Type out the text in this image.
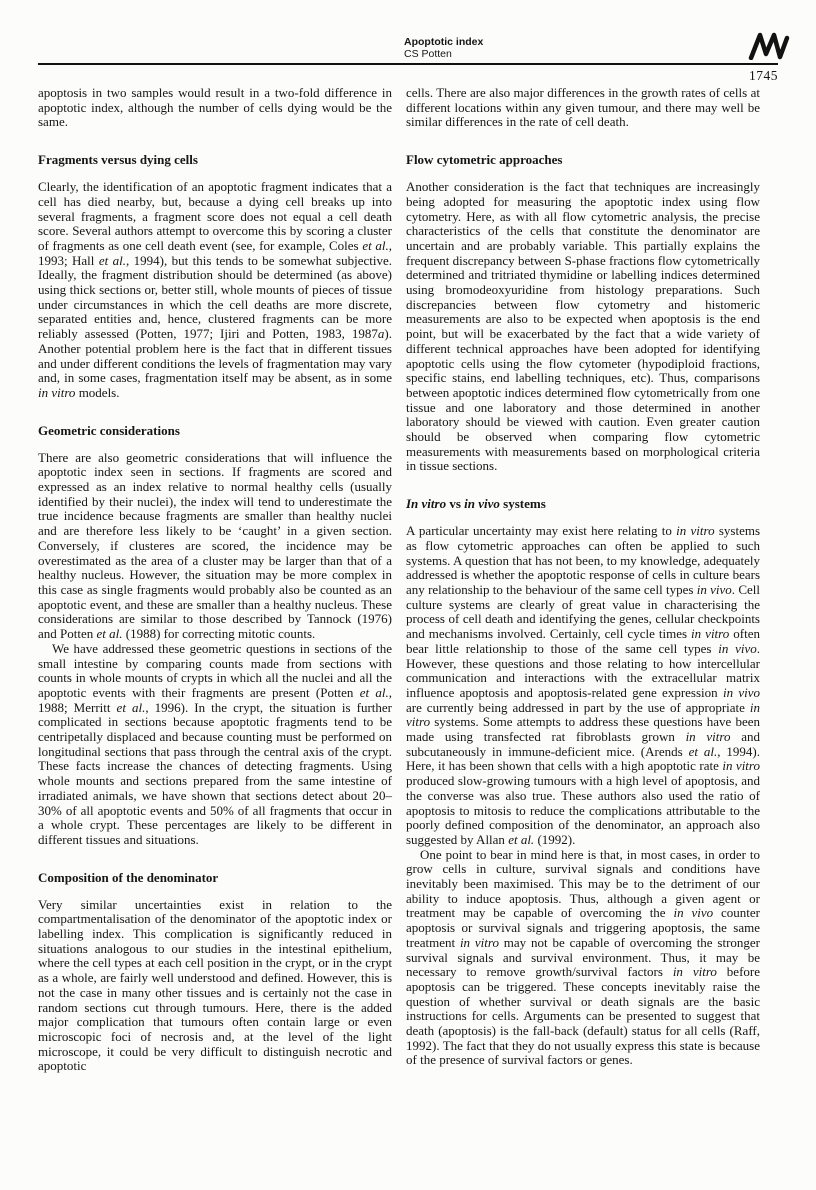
Apoptotic index
CS Potten
1745

apoptosis in two samples would result in a two-fold difference in apoptotic index, although the number of cells dying would be the same.

Fragments versus dying cells

Clearly, the identification of an apoptotic fragment indicates that a cell has died nearby, but, because a dying cell breaks up into several fragments, a fragment score does not equal a cell death score. Several authors attempt to overcome this by scoring a cluster of fragments as one cell death event (see, for example, Coles et al., 1993; Hall et al., 1994), but this tends to be somewhat subjective. Ideally, the fragment distribution should be determined (as above) using thick sections or, better still, whole mounts of pieces of tissue under circumstances in which the cell deaths are more discrete, separated entities and, hence, clustered fragments can be more reliably assessed (Potten, 1977; Ijiri and Potten, 1983, 1987a). Another potential problem here is the fact that in different tissues and under different conditions the levels of fragmentation may vary and, in some cases, fragmentation itself may be absent, as in some in vitro models.

Geometric considerations

There are also geometric considerations that will influence the apoptotic index seen in sections. If fragments are scored and expressed as an index relative to normal healthy cells (usually identified by their nuclei), the index will tend to underestimate the true incidence because fragments are smaller than healthy nuclei and are therefore less likely to be ‘caught’ in a given section. Conversely, if clusteres are scored, the incidence may be overestimated as the area of a cluster may be larger than that of a healthy nucleus. However, the situation may be more complex in this case as single fragments would probably also be counted as an apoptotic event, and these are smaller than a healthy nucleus. These considerations are similar to those described by Tannock (1976) and Potten et al. (1988) for correcting mitotic counts.

We have addressed these geometric questions in sections of the small intestine by comparing counts made from sections with counts in whole mounts of crypts in which all the nuclei and all the apoptotic events with their fragments are present (Potten et al., 1988; Merritt et al., 1996). In the crypt, the situation is further complicated in sections because apoptotic fragments tend to be centripetally displaced and because counting must be performed on longitudinal sections that pass through the central axis of the crypt. These facts increase the chances of detecting fragments. Using whole mounts and sections prepared from the same intestine of irradiated animals, we have shown that sections detect about 20–30% of all apoptotic events and 50% of all fragments that occur in a whole crypt. These percentages are likely to be different in different tissues and situations.

Composition of the denominator

Very similar uncertainties exist in relation to the compartmentalisation of the denominator of the apoptotic index or labelling index. This complication is significantly reduced in situations analogous to our studies in the intestinal epithelium, where the cell types at each cell position in the crypt, or in the crypt as a whole, are fairly well understood and defined. However, this is not the case in many other tissues and is certainly not the case in random sections cut through tumours. Here, there is the added major complication that tumours often contain large or even microscopic foci of necrosis and, at the level of the light microscope, it could be very difficult to distinguish necrotic and apoptotic

cells. There are also major differences in the growth rates of cells at different locations within any given tumour, and there may well be similar differences in the rate of cell death.

Flow cytometric approaches

Another consideration is the fact that techniques are increasingly being adopted for measuring the apoptotic index using flow cytometry. Here, as with all flow cytometric analysis, the precise characteristics of the cells that constitute the denominator are uncertain and are probably variable. This partially explains the frequent discrepancy between S-phase fractions flow cytometrically determined and tritriated thymidine or labelling indices determined using bromodeoxyuridine from histology preparations. Such discrepancies between flow cytometry and histomeric measurements are also to be expected when apoptosis is the end point, but will be exacerbated by the fact that a wide variety of different technical approaches have been adopted for identifying apoptotic cells using the flow cytometer (hypodiploid fractions, specific stains, end labelling techniques, etc). Thus, comparisons between apoptotic indices determined flow cytometrically from one tissue and one laboratory and those determined in another laboratory should be viewed with caution. Even greater caution should be observed when comparing flow cytometric measurements with measurements based on morphological criteria in tissue sections.

In vitro vs in vivo systems

A particular uncertainty may exist here relating to in vitro systems as flow cytometric approaches can often be applied to such systems. A question that has not been, to my knowledge, adequately addressed is whether the apoptotic response of cells in culture bears any relationship to the behaviour of the same cell types in vivo. Cell culture systems are clearly of great value in characterising the process of cell death and identifying the genes, cellular checkpoints and mechanisms involved. Certainly, cell cycle times in vitro often bear little relationship to those of the same cell types in vivo. However, these questions and those relating to how intercellular communication and interactions with the extracellular matrix influence apoptosis and apoptosis-related gene expression in vivo are currently being addressed in part by the use of appropriate in vitro systems. Some attempts to address these questions have been made using transfected rat fibroblasts grown in vitro and subcutaneously in immune-deficient mice. (Arends et al., 1994). Here, it has been shown that cells with a high apoptotic rate in vitro produced slow-growing tumours with a high level of apoptosis, and the converse was also true. These authors also used the ratio of apoptosis to mitosis to reduce the complications attributable to the poorly defined composition of the denominator, an approach also suggested by Allan et al. (1992).

One point to bear in mind here is that, in most cases, in order to grow cells in culture, survival signals and conditions have inevitably been maximised. This may be to the detriment of our ability to induce apoptosis. Thus, although a given agent or treatment may be capable of overcoming the in vivo counter apoptosis or survival signals and triggering apoptosis, the same treatment in vitro may not be capable of overcoming the stronger survival signals and survival environment. Thus, it may be necessary to remove growth/survival factors in vitro before apoptosis can be triggered. These concepts inevitably raise the question of whether survival or death signals are the basic instructions for cells. Arguments can be presented to suggest that death (apoptosis) is the fall-back (default) status for all cells (Raff, 1992). The fact that they do not usually express this state is because of the presence of survival factors or genes.
